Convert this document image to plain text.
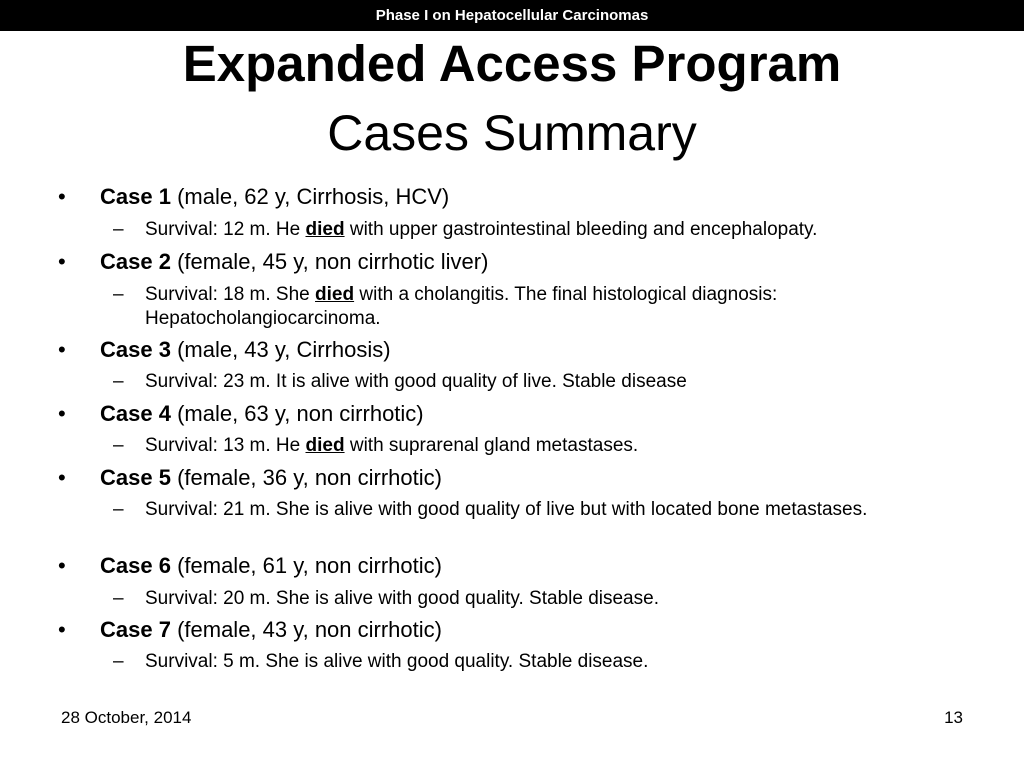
Phase I on Hepatocellular Carcinomas
Expanded Access Program
Cases Summary
• Case 1 (male, 62 y, Cirrhosis, HCV)
– Survival: 12 m. He died with upper gastrointestinal bleeding and encephalopaty.
• Case 2 (female, 45 y, non cirrhotic liver)
– Survival: 18 m. She died with a cholangitis. The final histological diagnosis: Hepatocholangiocarcinoma.
• Case 3 (male, 43 y, Cirrhosis)
– Survival: 23 m. It is alive with good quality of live. Stable disease
• Case 4 (male, 63 y, non cirrhotic)
– Survival: 13 m. He died with suprarenal gland metastases.
• Case 5 (female, 36 y, non cirrhotic)
– Survival: 21 m. She is alive with good quality of live but with located bone metastases.
• Case 6 (female, 61 y, non cirrhotic)
– Survival: 20 m. She is alive with good quality. Stable disease.
• Case 7 (female, 43 y, non cirrhotic)
– Survival: 5 m. She is alive with good quality. Stable disease.
28 October, 2014	13
